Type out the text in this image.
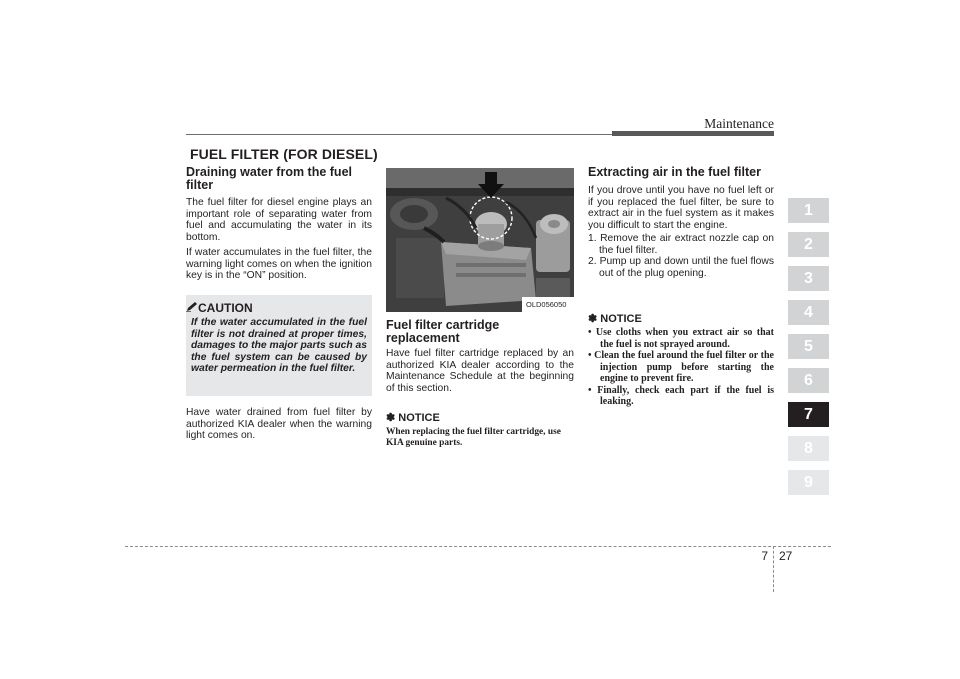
Maintenance
FUEL FILTER (FOR DIESEL)

Draining water from the fuel filter

The fuel filter for diesel engine plays an important role of separating water from fuel and accumulating the water in its bottom.

If water accumulates in the fuel filter, the warning light comes on when the ignition key is in the “ON” position.

CAUTION
If the water accumulated in the fuel filter is not drained at proper times, damages to the major parts such as the fuel system can be caused by water permeation in the fuel filter.

Have water drained from fuel filter by authorized KIA dealer when the warning light comes on.

OLD056050

Fuel filter cartridge replacement

Have fuel filter cartridge replaced by an authorized KIA dealer according to the Maintenance Schedule at the beginning of this section.

✽ NOTICE
When replacing the fuel filter cartridge, use KIA genuine parts.

Extracting air in the fuel filter

If you drove until you have no fuel left or if you replaced the fuel filter, be sure to extract air in the fuel system as it makes you difficult to start the engine.

1. Remove the air extract nozzle cap on the fuel filter.

2. Pump up and down until the fuel flows out of the plug opening.

✽ NOTICE
• Use cloths when you extract air so that the fuel is not sprayed around.
• Clean the fuel around the fuel filter or the injection pump before starting the engine to prevent fire.
• Finally, check each part if the fuel is leaking.
1
2
3
4
5
6
7
8
9
7 27
